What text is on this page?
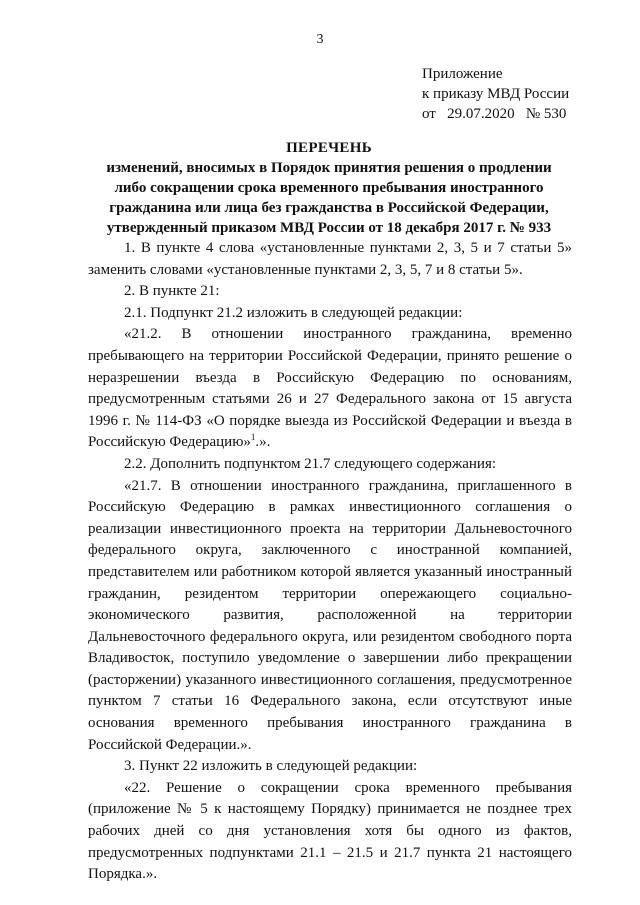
3
Приложение
к приказу МВД России
от   29.07.2020   № 530
ПЕРЕЧЕНЬ
изменений, вносимых в Порядок принятия решения о продлении
либо сокращении срока временного пребывания иностранного
гражданина или лица без гражданства в Российской Федерации,
утвержденный приказом МВД России от 18 декабря 2017 г. № 933

1. В пункте 4 слова «установленные пунктами 2, 3, 5 и 7 статьи 5» заменить словами «установленные пунктами 2, 3, 5, 7 и 8 статьи 5».

2. В пункте 21:

2.1. Подпункт 21.2 изложить в следующей редакции:

«21.2. В отношении иностранного гражданина, временно пребывающего на территории Российской Федерации, принято решение о неразрешении въезда в Российскую Федерацию по основаниям, предусмотренным статьями 26 и 27 Федерального закона от 15 августа 1996 г. № 114-ФЗ «О порядке выезда из Российской Федерации и въезда в Российскую Федерацию»$^1$.».

2.2. Дополнить подпунктом 21.7 следующего содержания:

«21.7. В отношении иностранного гражданина, приглашенного в Российскую Федерацию в рамках инвестиционного соглашения о реализации инвестиционного проекта на территории Дальневосточного федерального округа, заключенного с иностранной компанией, представителем или работником которой является указанный иностранный гражданин, резидентом территории опережающего социально-экономического развития, расположенной на территории Дальневосточного федерального округа, или резидентом свободного порта Владивосток, поступило уведомление о завершении либо прекращении (расторжении) указанного инвестиционного соглашения, предусмотренное пунктом 7 статьи 16 Федерального закона, если отсутствуют иные основания временного пребывания иностранного гражданина в Российской Федерации.».

3. Пункт 22 изложить в следующей редакции:

«22. Решение о сокращении срока временного пребывания (приложение № 5 к настоящему Порядку) принимается не позднее трех рабочих дней со дня установления хотя бы одного из фактов, предусмотренных подпунктами 21.1 – 21.5 и 21.7 пункта 21 настоящего Порядка.».
